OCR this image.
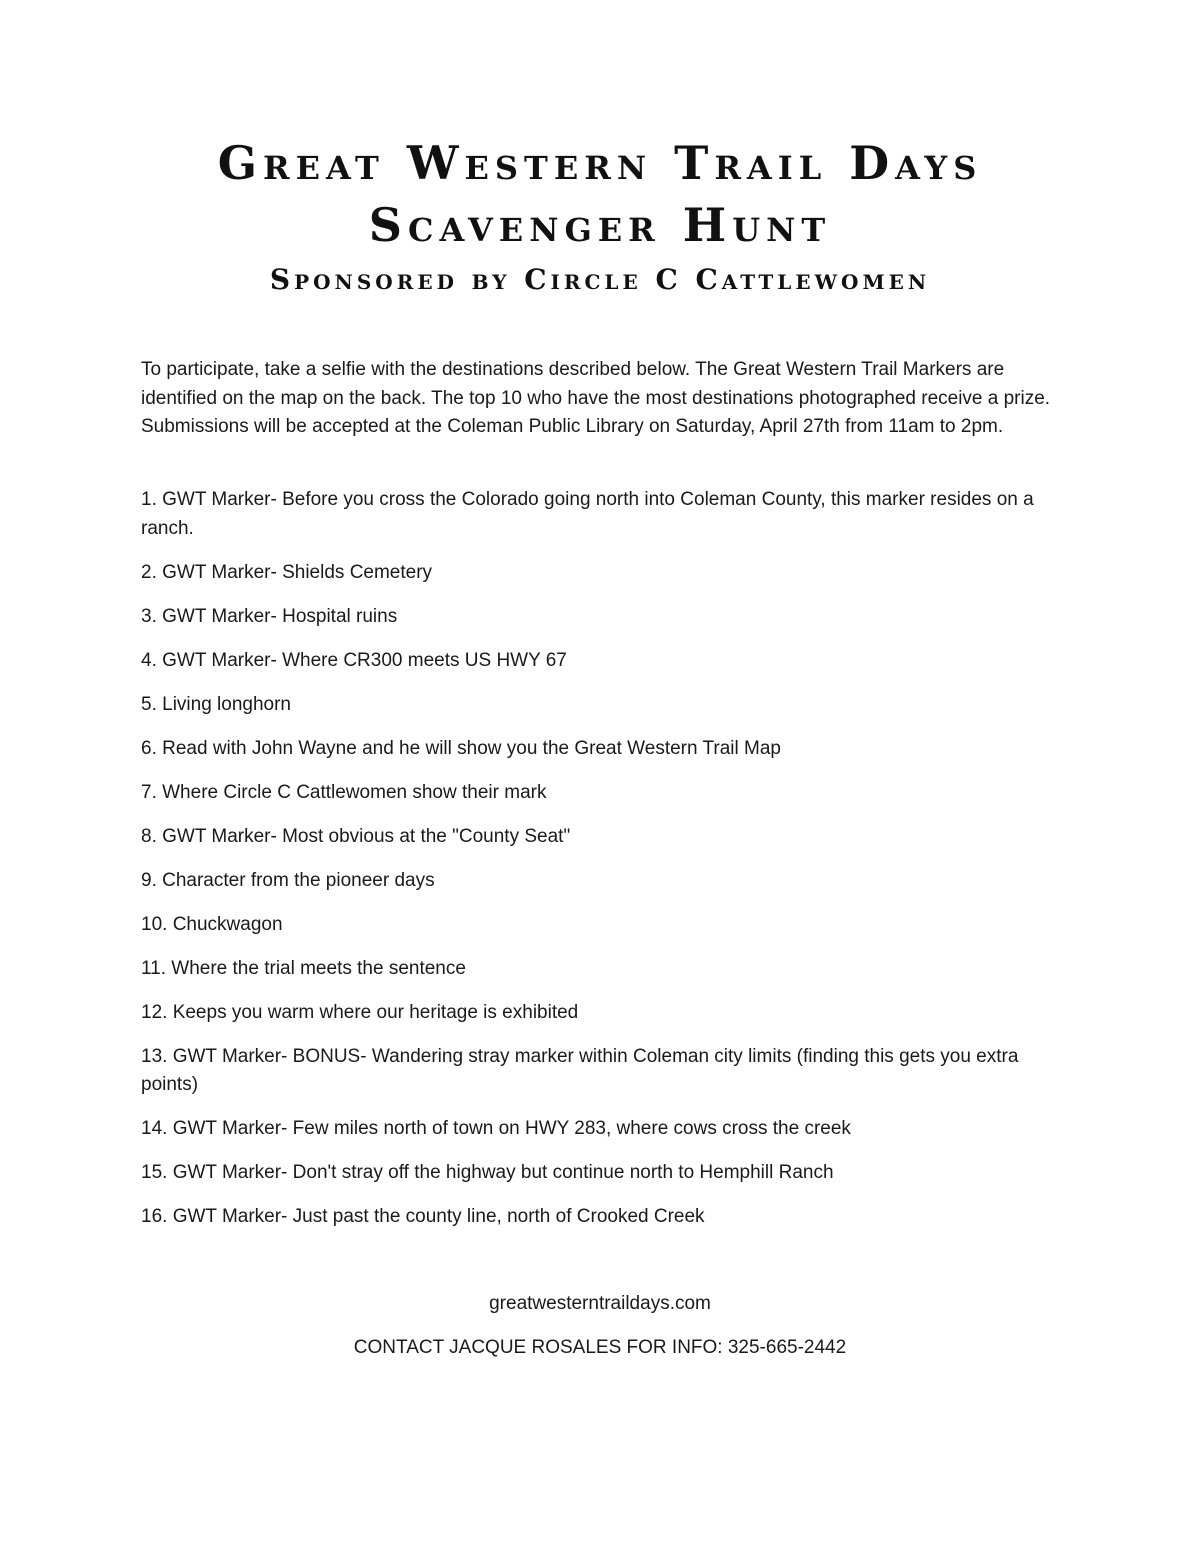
Great Western Trail Days
Scavenger Hunt
Sponsored by Circle C Cattlewomen

To participate, take a selfie with the destinations described below. The Great Western Trail Markers are identified on the map on the back. The top 10 who have the most destinations photographed receive a prize. Submissions will be accepted at the Coleman Public Library on Saturday, April 27th from 11am to 2pm.

1. GWT Marker- Before you cross the Colorado going north into Coleman County, this marker resides on a ranch.
2. GWT Marker- Shields Cemetery
3. GWT Marker- Hospital ruins
4. GWT Marker- Where CR300 meets US HWY 67
5. Living longhorn
6. Read with John Wayne and he will show you the Great Western Trail Map
7. Where Circle C Cattlewomen show their mark
8. GWT Marker- Most obvious at the "County Seat"
9. Character from the pioneer days
10. Chuckwagon
11. Where the trial meets the sentence
12. Keeps you warm where our heritage is exhibited
13. GWT Marker- BONUS- Wandering stray marker within Coleman city limits (finding this gets you extra points)
14. GWT Marker- Few miles north of town on HWY 283, where cows cross the creek
15. GWT Marker- Don't stray off the highway but continue north to Hemphill Ranch
16. GWT Marker- Just past the county line, north of Crooked Creek

greatwesterntraildays.com

CONTACT JACQUE ROSALES FOR INFO: 325-665-2442
